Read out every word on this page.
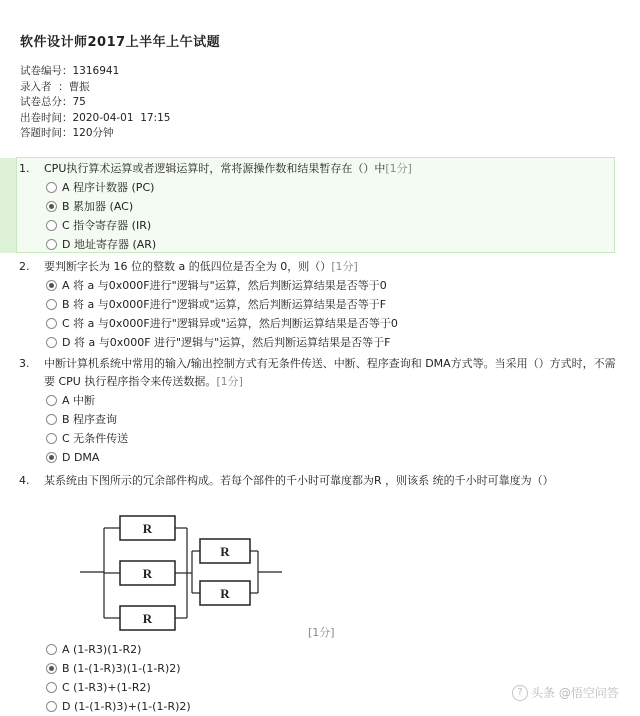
软件设计师2017上半年上午试题
试卷编号：1316941
录入者  ：曹振
试卷总分：75
出卷时间：2020-04-01  17:15
答题时间：120分钟
1. CPU执行算术运算或者逻辑运算时，常将源操作数和结果暂存在（）中[1分]
A 程序计数器 (PC)
B 累加器 (AC)
C 指令寄存器 (IR)
D 地址寄存器 (AR)
2. 要判断字长为 16 位的整数 a 的低四位是否全为 0，则（）[1分]
A 将 a 与0x000F进行"逻辑与"运算，然后判断运算结果是否等于0
B 将 a 与0x000F进行"逻辑或"运算，然后判断运算结果是否等于F
C 将 a 与0x000F进行"逻辑异或"运算，然后判断运算结果是否等于0
D 将 a 与0x000F 进行"逻辑与"运算，然后判断运算结果是否等于F
3. 中断计算机系统中常用的输入/输出控制方式有无条件传送、中断、程序查询和 DMA方式等。当采用（）方式时，不需要 CPU 执行程序指令来传送数据。[1分]
A 中断
B 程序查询
C 无条件传送
D DMA
4. 某系统由下图所示的冗余部件构成。若每个部件的千小时可靠度都为R ，则该系 统的千小时可靠度为（）
R
R
R
R
R
[1分]
A (1-R3)(1-R2)
B (1-(1-R)3)(1-(1-R)2)
C (1-R3)+(1-R2)
D (1-(1-R)3)+(1-(1-R)2)
? 头条 @悟空问答
